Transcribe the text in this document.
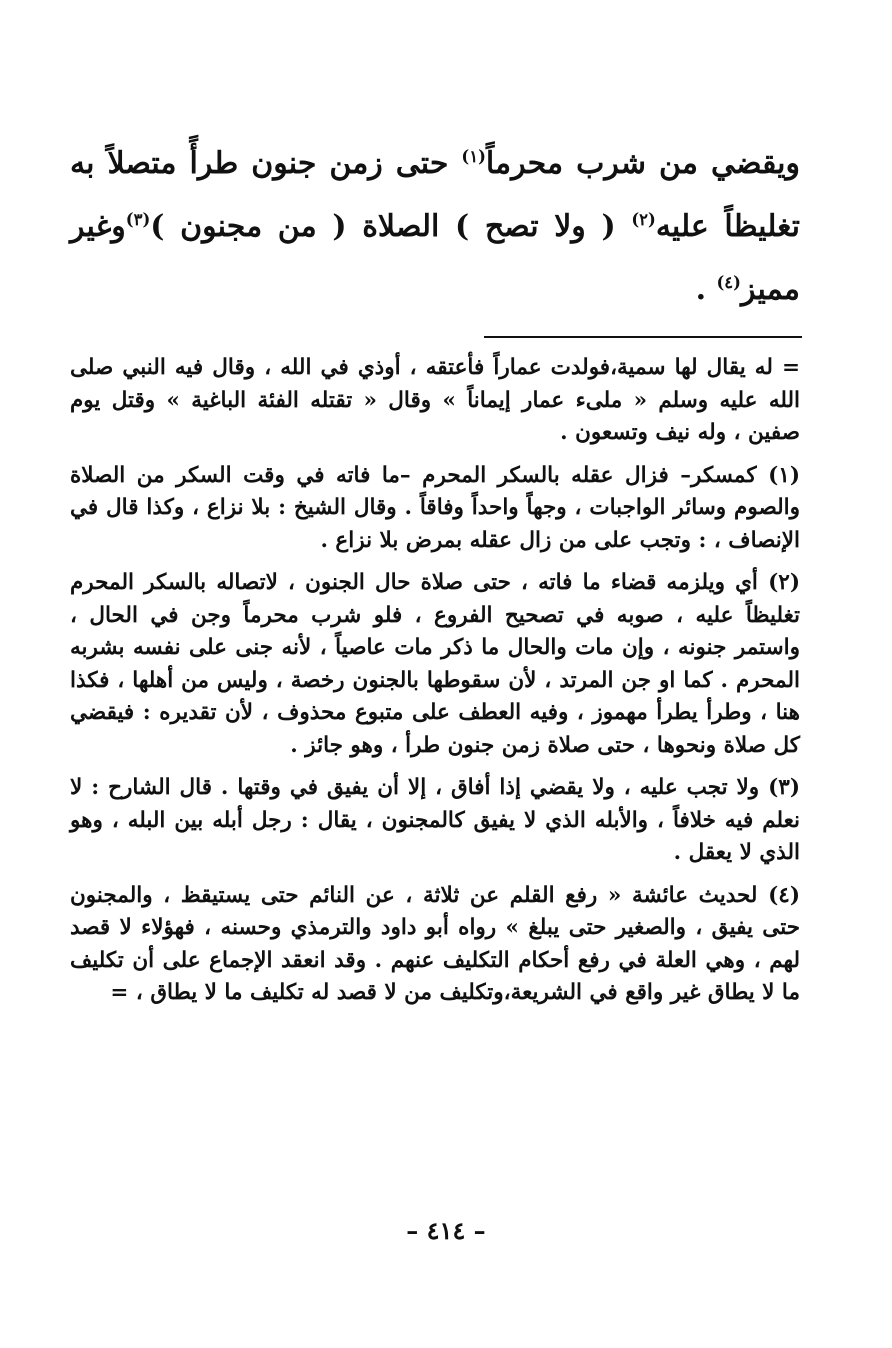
ويقضي من شرب محرماً$^{(١)}$ حتى زمن جنون طرأً متصلاً به تغليظاً عليه$^{(٢)}$ ( ولا تصح ) الصلاة ( من مجنون )$^{(٣)}$وغير مميز$^{(٤)}$ .

= له يقال لها سمية،فولدت عماراً فأعتقه ، أوذي في الله ، وقال فيه النبي صلى الله عليه وسلم « ملىء عمار إيماناً » وقال « تقتله الفئة الباغية » وقتل يوم صفين ، وله نيف وتسعون .

(١) كمسكر– فزال عقله بالسكر المحرم –ما فاته في وقت السكر من الصلاة والصوم وسائر الواجبات ، وجهاً واحداً وفاقاً . وقال الشيخ : بلا نزاع ، وكذا قال في الإنصاف ، : وتجب على من زال عقله بمرض بلا نزاع .

(٢) أي ويلزمه قضاء ما فاته ، حتى صلاة حال الجنون ، لاتصاله بالسكر المحرم تغليظاً عليه ، صوبه في تصحيح الفروع ، فلو شرب محرماً وجن في الحال ، واستمر جنونه ، وإن مات والحال ما ذكر مات عاصياً ، لأنه جنى على نفسه بشربه المحرم . كما او جن المرتد ، لأن سقوطها بالجنون رخصة ، وليس من أهلها ، فكذا هنا ، وطرأ يطرأ مهموز ، وفيه العطف على متبوع محذوف ، لأن تقديره : فيقضي كل صلاة ونحوها ، حتى صلاة زمن جنون طرأ ، وهو جائز .

(٣) ولا تجب عليه ، ولا يقضي إذا أفاق ، إلا أن يفيق في وقتها . قال الشارح : لا نعلم فيه خلافاً ، والأبله الذي لا يفيق كالمجنون ، يقال : رجل أبله بين البله ، وهو الذي لا يعقل .

(٤) لحديث عائشة « رفع القلم عن ثلاثة ، عن النائم حتى يستيقظ ، والمجنون حتى يفيق ، والصغير حتى يبلغ » رواه أبو داود والترمذي وحسنه ، فهؤلاء لا قصد لهم ، وهي العلة في رفع أحكام التكليف عنهم . وقد انعقد الإجماع على أن تكليف ما لا يطاق غير واقع في الشريعة،وتكليف من لا قصد له تكليف ما لا يطاق ، =

– ٤١٤ –
